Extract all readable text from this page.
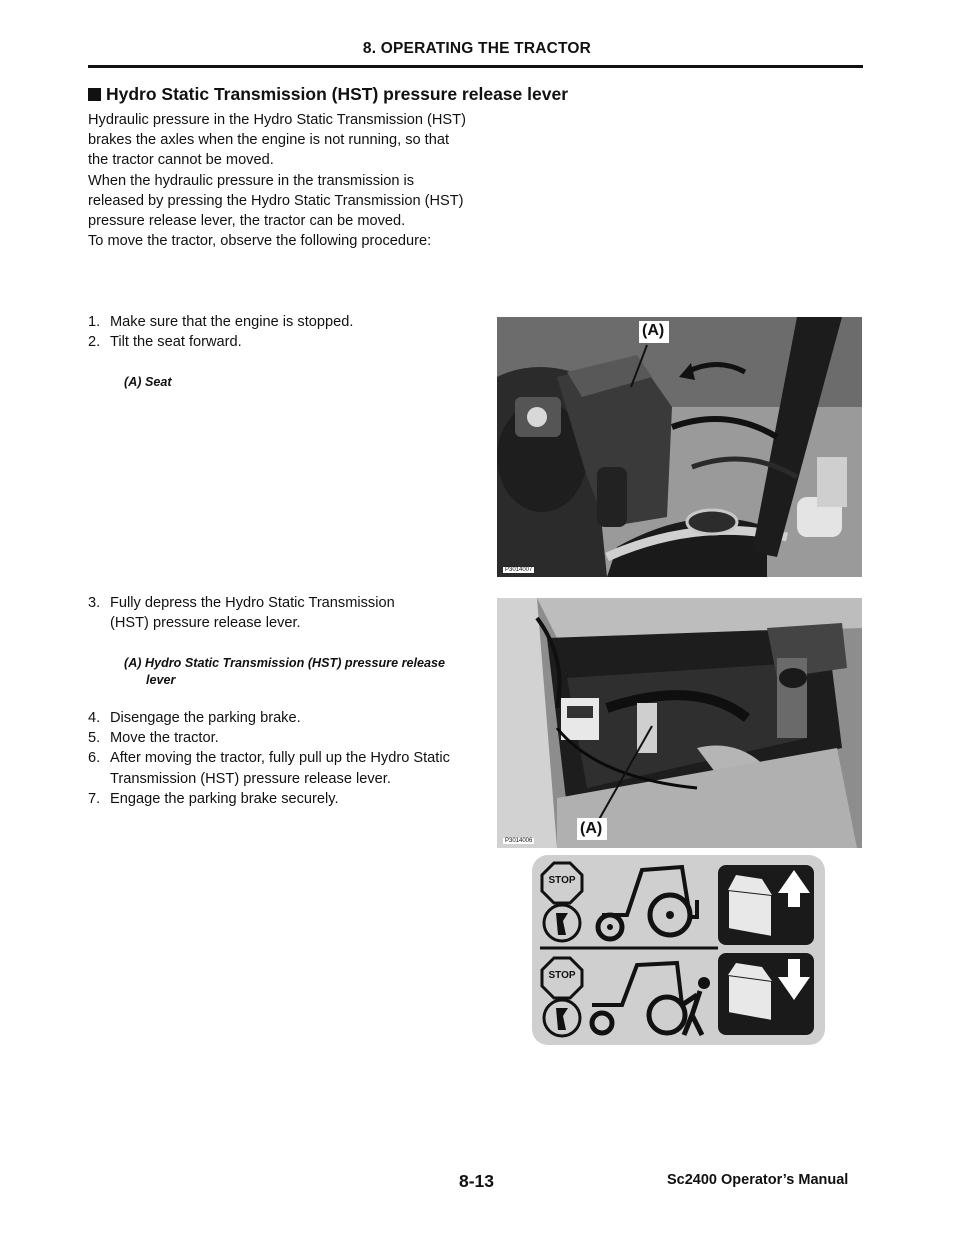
8. OPERATING THE TRACTOR
Hydro Static Transmission (HST) pressure release lever
Hydraulic pressure in the Hydro Static Transmission (HST) brakes the axles when the engine is not running, so that the tractor cannot be moved.
When the hydraulic pressure in the transmission is released by pressing the Hydro Static Transmission (HST) pressure release lever, the tractor can be moved.
To move the tractor, observe the following procedure:
1. Make sure that the engine is stopped.
2. Tilt the seat forward.
(A) Seat
3. Fully depress the Hydro Static Transmission (HST) pressure release lever.
(A) Hydro Static Transmission (HST) pressure release lever
4. Disengage the parking brake.
5. Move the tractor.
6. After moving the tractor, fully pull up the Hydro Static Transmission (HST) pressure release lever.
7. Engage the parking brake securely.
(A)
P3014007
(A)
P3014006
STOP
STOP
8-13	Sc2400 Operator’s Manual
